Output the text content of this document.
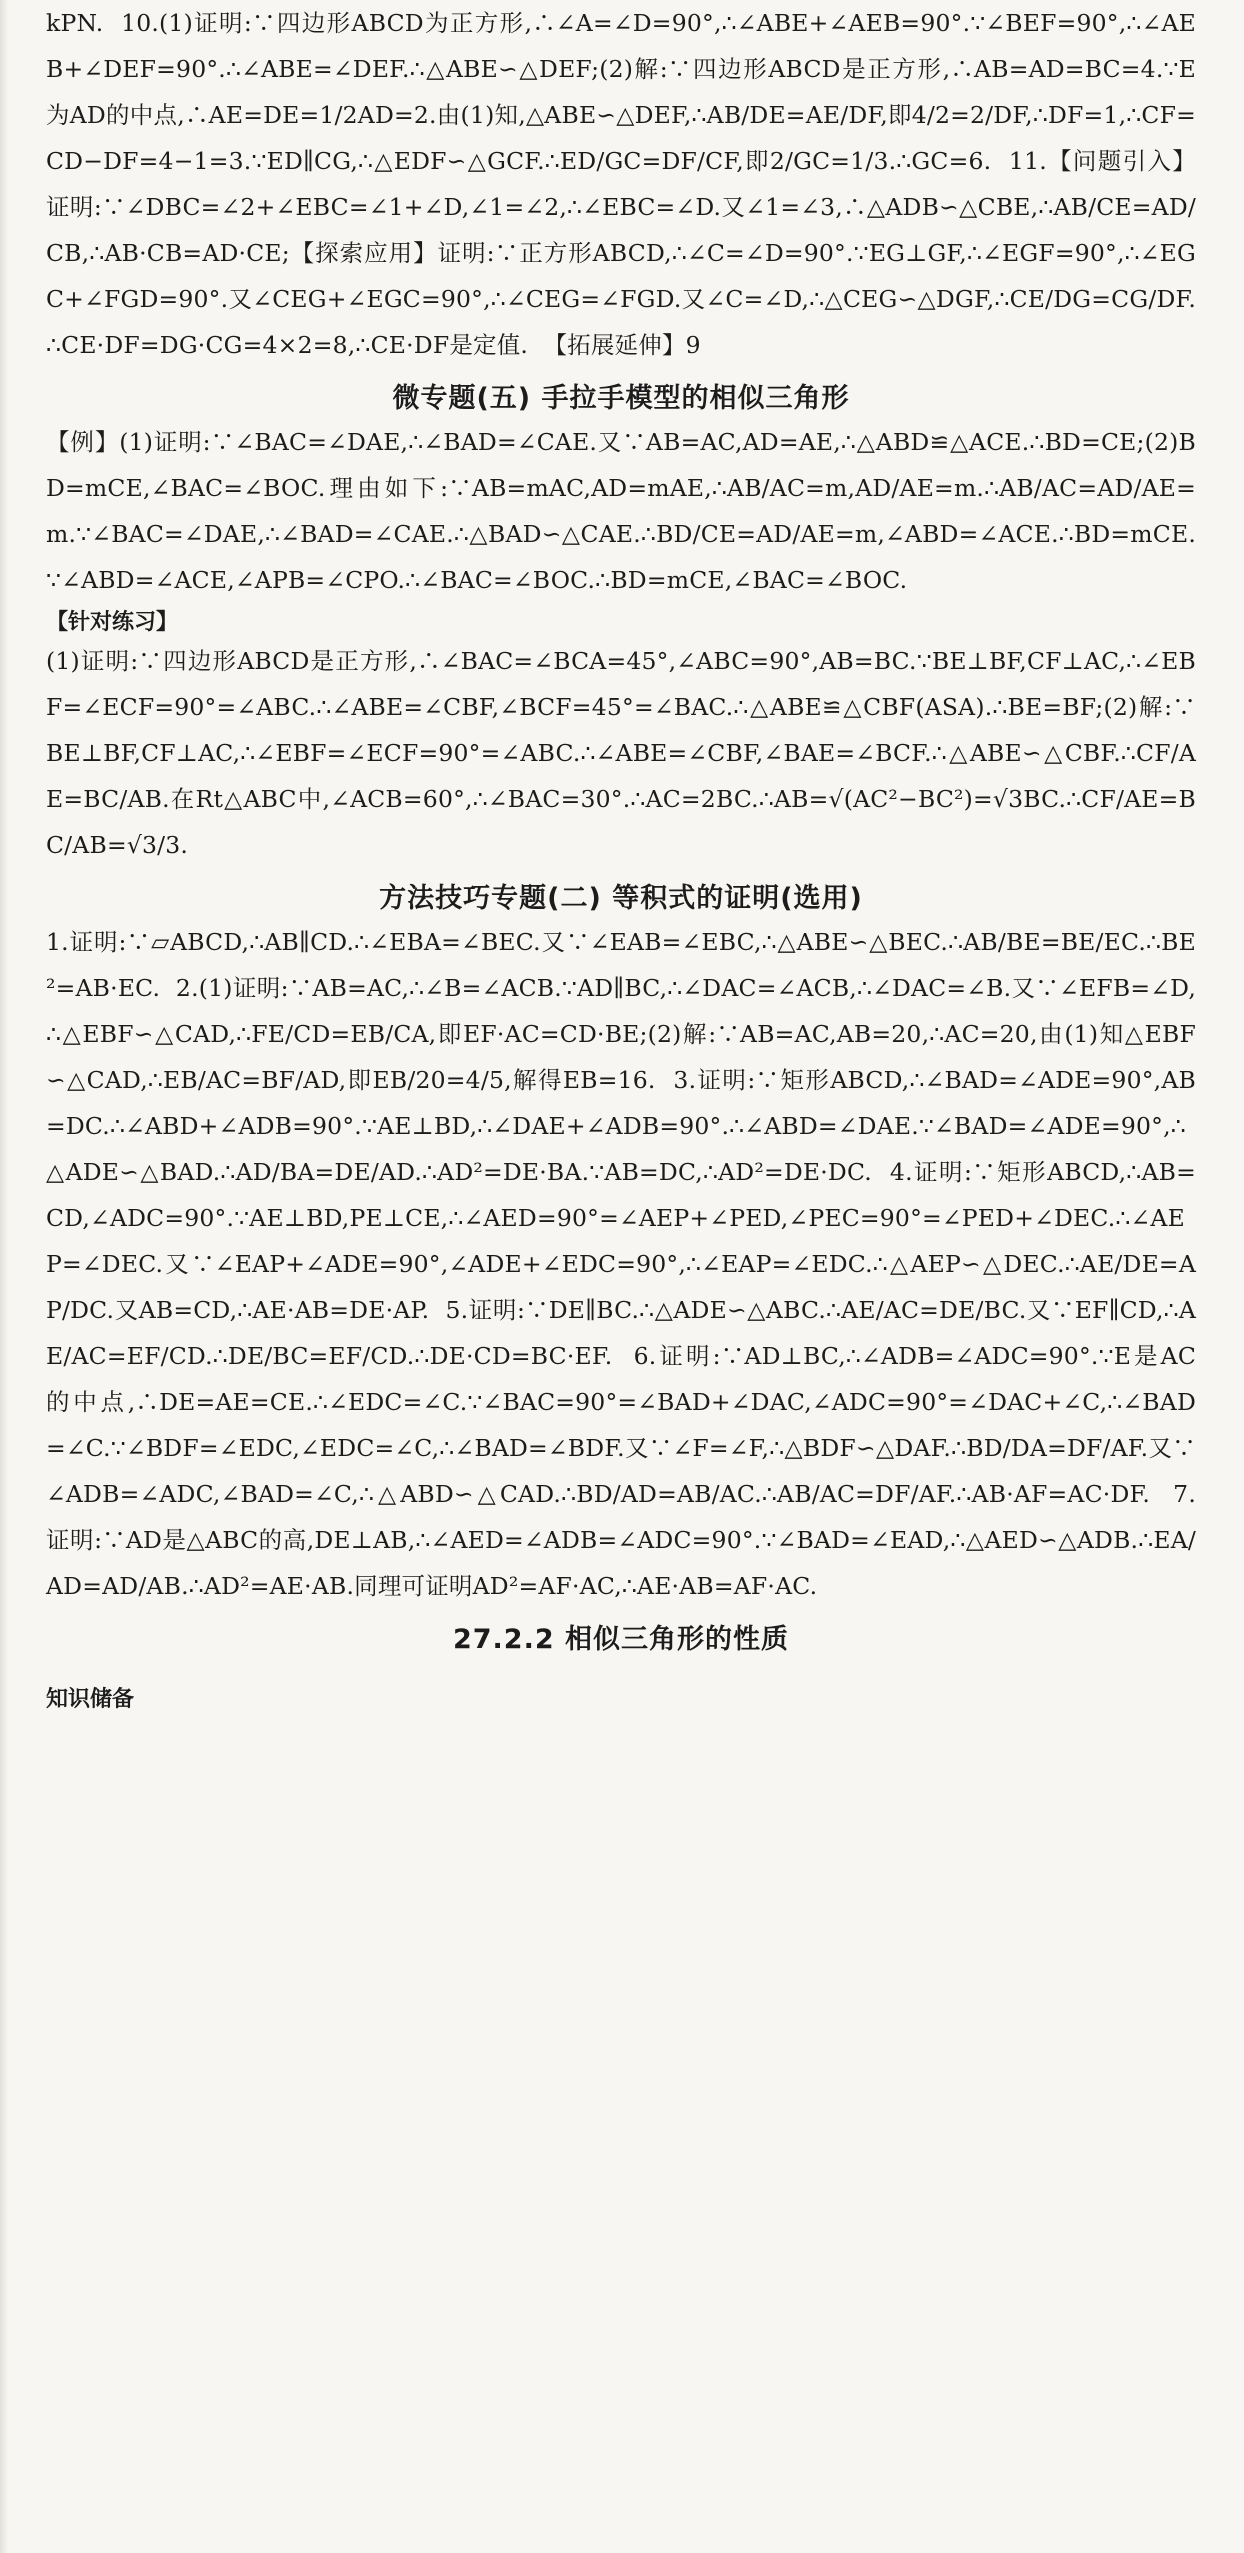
kPN.  10.(1)证明:∵四边形ABCD为正方形,∴∠A=∠D=90°,∴∠ABE+∠AEB=90°.∵∠BEF=90°,∴∠AEB+∠DEF=90°.∴∠ABE=∠DEF.∴△ABE∽△DEF;(2)解:∵四边形ABCD是正方形,∴AB=AD=BC=4.∵E为AD的中点,∴AE=DE=1/2AD=2.由(1)知,△ABE∽△DEF,∴AB/DE=AE/DF,即4/2=2/DF,∴DF=1,∴CF=CD−DF=4−1=3.∵ED∥CG,∴△EDF∽△GCF.∴ED/GC=DF/CF,即2/GC=1/3.∴GC=6.  11.【问题引入】证明:∵∠DBC=∠2+∠EBC=∠1+∠D,∠1=∠2,∴∠EBC=∠D.又∠1=∠3,∴△ADB∽△CBE,∴AB/CE=AD/CB,∴AB·CB=AD·CE;【探索应用】证明:∵正方形ABCD,∴∠C=∠D=90°.∵EG⊥GF,∴∠EGF=90°,∴∠EGC+∠FGD=90°.又∠CEG+∠EGC=90°,∴∠CEG=∠FGD.又∠C=∠D,∴△CEG∽△DGF,∴CE/DG=CG/DF.∴CE·DF=DG·CG=4×2=8,∴CE·DF是定值.  【拓展延伸】9

微专题(五) 手拉手模型的相似三角形

【例】(1)证明:∵∠BAC=∠DAE,∴∠BAD=∠CAE.又∵AB=AC,AD=AE,∴△ABD≌△ACE.∴BD=CE;(2)BD=mCE,∠BAC=∠BOC.理由如下:∵AB=mAC,AD=mAE,∴AB/AC=m,AD/AE=m.∴AB/AC=AD/AE=m.∵∠BAC=∠DAE,∴∠BAD=∠CAE.∴△BAD∽△CAE.∴BD/CE=AD/AE=m,∠ABD=∠ACE.∴BD=mCE.∵∠ABD=∠ACE,∠APB=∠CPO.∴∠BAC=∠BOC.∴BD=mCE,∠BAC=∠BOC.

【针对练习】

(1)证明:∵四边形ABCD是正方形,∴∠BAC=∠BCA=45°,∠ABC=90°,AB=BC.∵BE⊥BF,CF⊥AC,∴∠EBF=∠ECF=90°=∠ABC.∴∠ABE=∠CBF,∠BCF=45°=∠BAC.∴△ABE≌△CBF(ASA).∴BE=BF;(2)解:∵BE⊥BF,CF⊥AC,∴∠EBF=∠ECF=90°=∠ABC.∴∠ABE=∠CBF,∠BAE=∠BCF.∴△ABE∽△CBF.∴CF/AE=BC/AB.在Rt△ABC中,∠ACB=60°,∴∠BAC=30°.∴AC=2BC.∴AB=√(AC²−BC²)=√3BC.∴CF/AE=BC/AB=√3/3.

方法技巧专题(二) 等积式的证明(选用)

1.证明:∵▱ABCD,∴AB∥CD.∴∠EBA=∠BEC.又∵∠EAB=∠EBC,∴△ABE∽△BEC.∴AB/BE=BE/EC.∴BE²=AB·EC.  2.(1)证明:∵AB=AC,∴∠B=∠ACB.∵AD∥BC,∴∠DAC=∠ACB,∴∠DAC=∠B.又∵∠EFB=∠D,∴△EBF∽△CAD,∴FE/CD=EB/CA,即EF·AC=CD·BE;(2)解:∵AB=AC,AB=20,∴AC=20,由(1)知△EBF∽△CAD,∴EB/AC=BF/AD,即EB/20=4/5,解得EB=16.  3.证明:∵矩形ABCD,∴∠BAD=∠ADE=90°,AB=DC.∴∠ABD+∠ADB=90°.∵AE⊥BD,∴∠DAE+∠ADB=90°.∴∠ABD=∠DAE.∵∠BAD=∠ADE=90°,∴△ADE∽△BAD.∴AD/BA=DE/AD.∴AD²=DE·BA.∵AB=DC,∴AD²=DE·DC.  4.证明:∵矩形ABCD,∴AB=CD,∠ADC=90°.∵AE⊥BD,PE⊥CE,∴∠AED=90°=∠AEP+∠PED,∠PEC=90°=∠PED+∠DEC.∴∠AEP=∠DEC.又∵∠EAP+∠ADE=90°,∠ADE+∠EDC=90°,∴∠EAP=∠EDC.∴△AEP∽△DEC.∴AE/DE=AP/DC.又AB=CD,∴AE·AB=DE·AP.  5.证明:∵DE∥BC.∴△ADE∽△ABC.∴AE/AC=DE/BC.又∵EF∥CD,∴AE/AC=EF/CD.∴DE/BC=EF/CD.∴DE·CD=BC·EF.  6.证明:∵AD⊥BC,∴∠ADB=∠ADC=90°.∵E是AC的中点,∴DE=AE=CE.∴∠EDC=∠C.∵∠BAC=90°=∠BAD+∠DAC,∠ADC=90°=∠DAC+∠C,∴∠BAD=∠C.∵∠BDF=∠EDC,∠EDC=∠C,∴∠BAD=∠BDF.又∵∠F=∠F,∴△BDF∽△DAF.∴BD/DA=DF/AF.又∵∠ADB=∠ADC,∠BAD=∠C,∴△ABD∽△CAD.∴BD/AD=AB/AC.∴AB/AC=DF/AF.∴AB·AF=AC·DF.  7.证明:∵AD是△ABC的高,DE⊥AB,∴∠AED=∠ADB=∠ADC=90°.∵∠BAD=∠EAD,∴△AED∽△ADB.∴EA/AD=AD/AB.∴AD²=AE·AB.同理可证明AD²=AF·AC,∴AE·AB=AF·AC.

27.2.2 相似三角形的性质
知识储备
